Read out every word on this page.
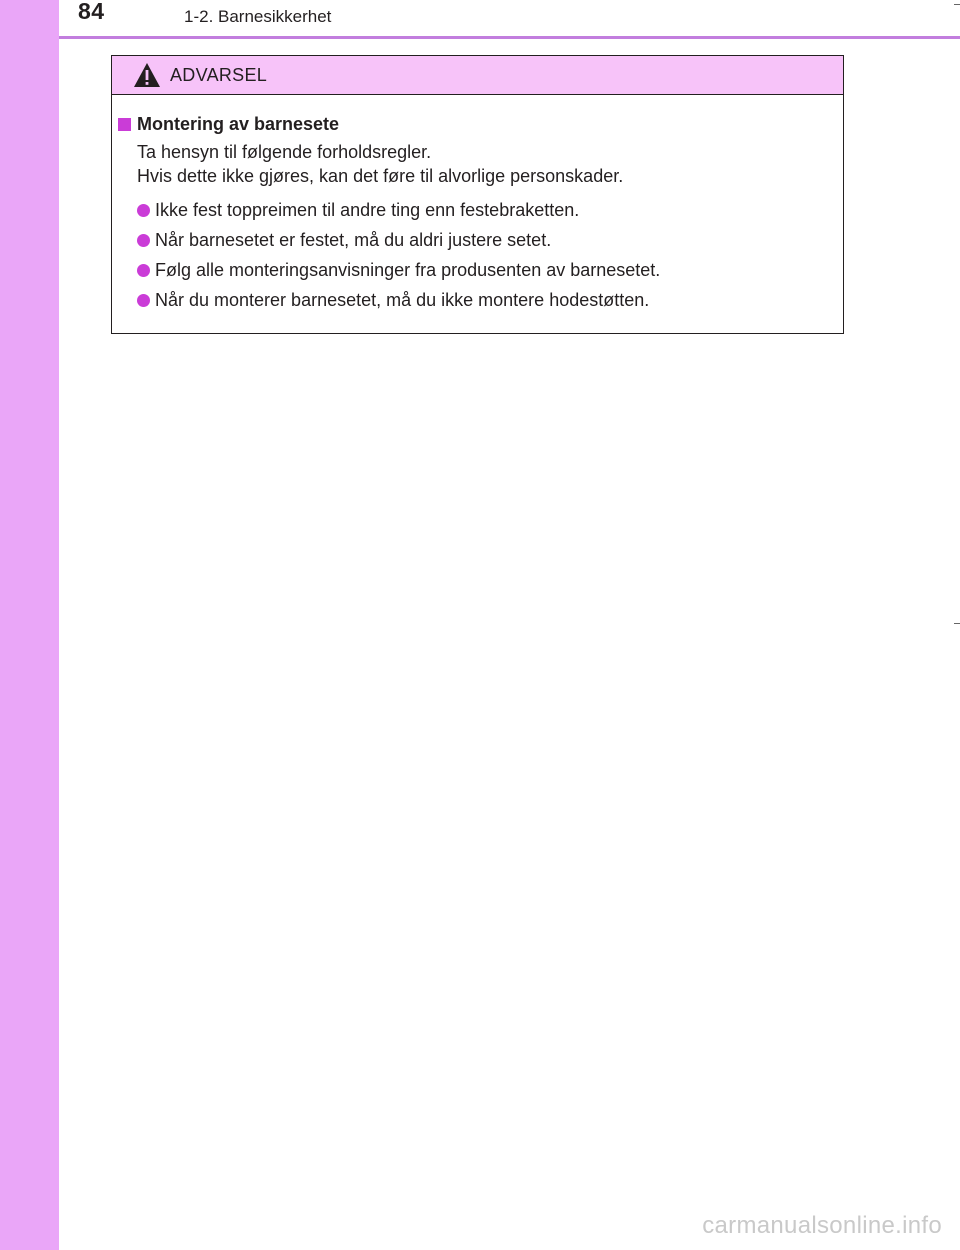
84	1-2. Barnesikkerhet
ADVARSEL
Montering av barnesete
Ta hensyn til følgende forholdsregler.
Hvis dette ikke gjøres, kan det føre til alvorlige personskader.
Ikke fest toppreimen til andre ting enn festebraketten.
Når barnesetet er festet, må du aldri justere setet.
Følg alle monteringsanvisninger fra produsenten av barnesetet.
Når du monterer barnesetet, må du ikke montere hodestøtten.
carmanualsonline.info
